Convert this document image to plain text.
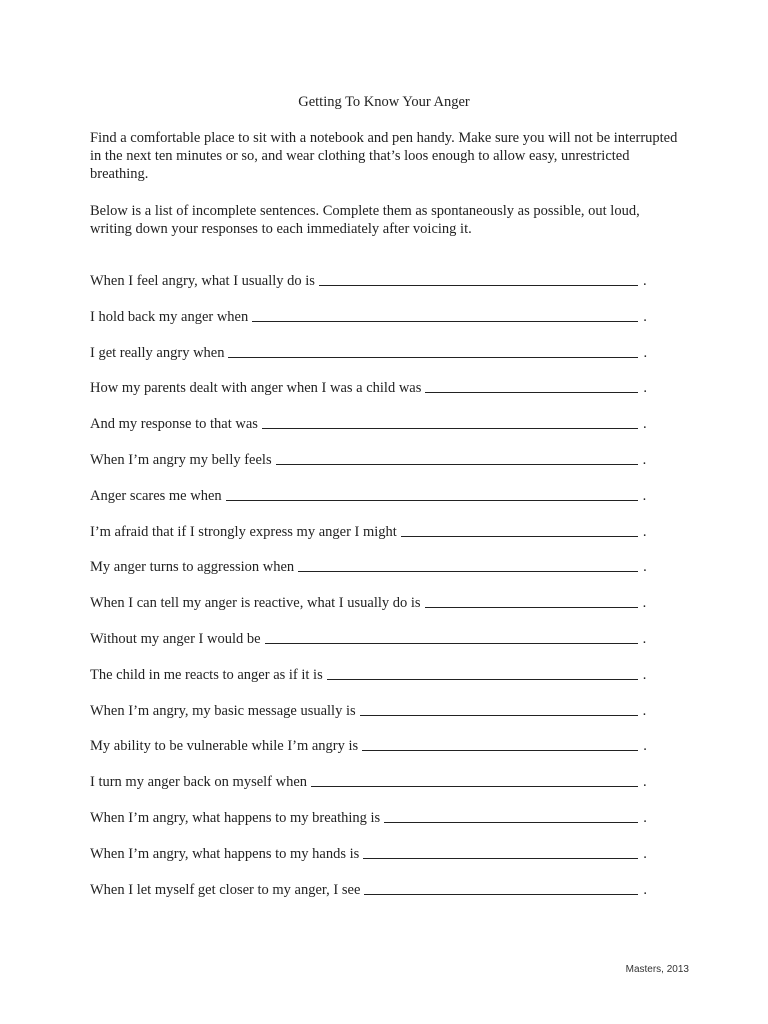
Getting To Know Your Anger

Find a comfortable place to sit with a notebook and pen handy. Make sure you will not be interrupted in the next ten minutes or so, and wear clothing that’s loos enough to allow easy, unrestricted breathing.

Below is a list of incomplete sentences. Complete them as spontaneously as possible, out loud, writing down your responses to each immediately after voicing it.

When I feel angry, what I usually do is	.
I hold back my anger when	.
I get really angry when	.
How my parents dealt with anger when I was a child was	.
And my response to that was	.
When I’m angry my belly feels	.
Anger scares me when	.
I’m afraid that if I strongly express my anger I might	.
My anger turns to aggression when	.
When I can tell my anger is reactive, what I usually do is	.
Without my anger I would be	.
The child in me reacts to anger as if it is	.
When I’m angry, my basic message usually is	.
My ability to be vulnerable while I’m angry is	.
I turn my anger back on myself when	.
When I’m angry, what happens to my breathing is	.
When I’m angry, what happens to my hands is	.
When I let myself get closer to my anger, I see	.
Masters, 2013
